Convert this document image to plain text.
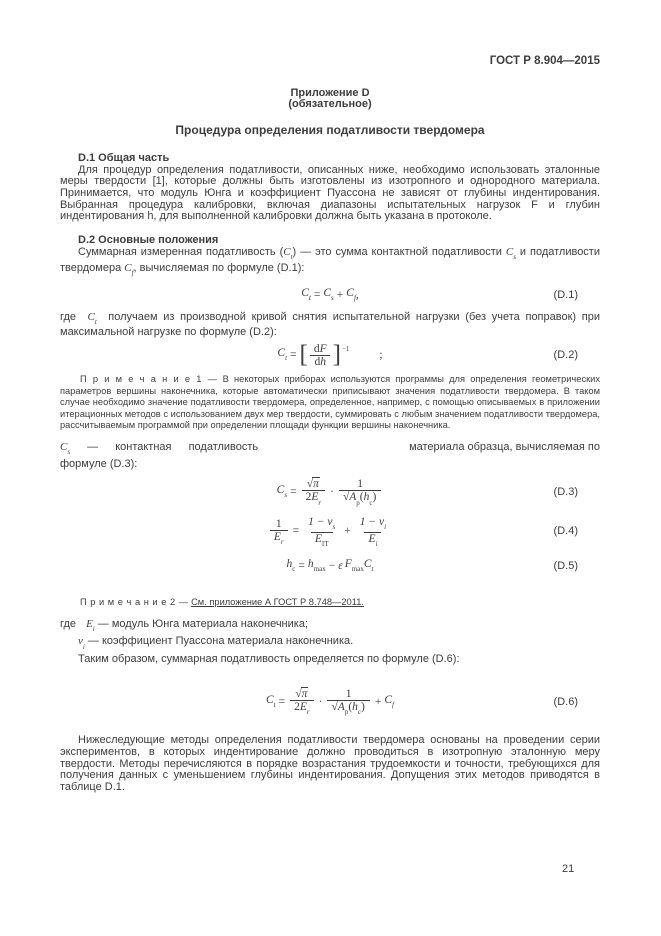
ГОСТ Р 8.904—2015
Приложение D
(обязательное)
Процедура определения податливости твердомера
D.1 Общая часть

Для процедур определения податливости, описанных ниже, необходимо использовать эталонные меры твердости [1], которые должны быть изготовлены из изотропного и однородного материала. Принимается, что модуль Юнга и коэффициент Пуассона не зависят от глубины индентирования. Выбранная процедура калибровки, включая диапазоны испытательных нагрузок F и глубин индентирования h, для выполненной калибровки должна быть указана в протоколе.

D.2 Основные положения

Суммарная измеренная податливость $(C_t)$ — это сумма контактной податливости $C_s$ и податливости твердомера $C_f$, вычисляемая по формуле (D.1):

$C_t = C_s + C_f$ ,	(D.1)

где $C_t$ получаем из производной кривой снятия испытательной нагрузки (без учета поправок) при максимальной нагрузке по формуле (D.2):

$C_t$ = [ $\frac{dF}{dh} ]^{-1}$	;	(D.2)

П р и м е ч а н и е 1 — В некоторых приборах используются программы для определения геометрических параметров вершины наконечника, которые автоматически приписывают значения податливости твердомера. В таком случае необходимо значение податливости твердомера, определенное, например, с помощью описываемых в приложении итерационных методов с использованием двух мер твердости, суммировать с любым значением податливости твердомера, рассчитываемым программой при определении площади функции вершины наконечника.

$C_s$ — контактная податливость	материала образца, вычисляемая по
формуле (D.3):
$C_s = \frac{√\pi}{2E_r} \cdot \frac{1}{√A_p(h_c)}$	(D.3)
$\frac{1}{E_r} = \frac{1 - \nu_s}{E_{IT}} + \frac{1 - \nu_i}{E_i}$	(D.4)
$h_c = h_{max} - \varepsilon$ $F_{max}$ $C_t$	(D.5)

П р и м е ч а н и е 2 — См. приложение А ГОСТ Р 8.748—2011.

где $E_i$ — модуль Юнга материала наконечника;
$\nu_i$ — коэффициент Пуассона материала наконечника.
Таким образом, суммарная податливость определяется по формуле (D.6):
$C_t = \frac{√\pi}{2E_r} \cdot \frac{1}{√A_p(h_c)} + C_f$	(D.6)

Нижеследующие методы определения податливости твердомера основаны на проведении серии экспериментов, в которых индентирование должно проводиться в изотропную эталонную меру твердости. Методы перечисляются в порядке возрастания трудоемкости и точности, требующихся для получения данных с уменьшением глубины индентирования. Допущения этих методов приводятся в таблице D.1.

21
